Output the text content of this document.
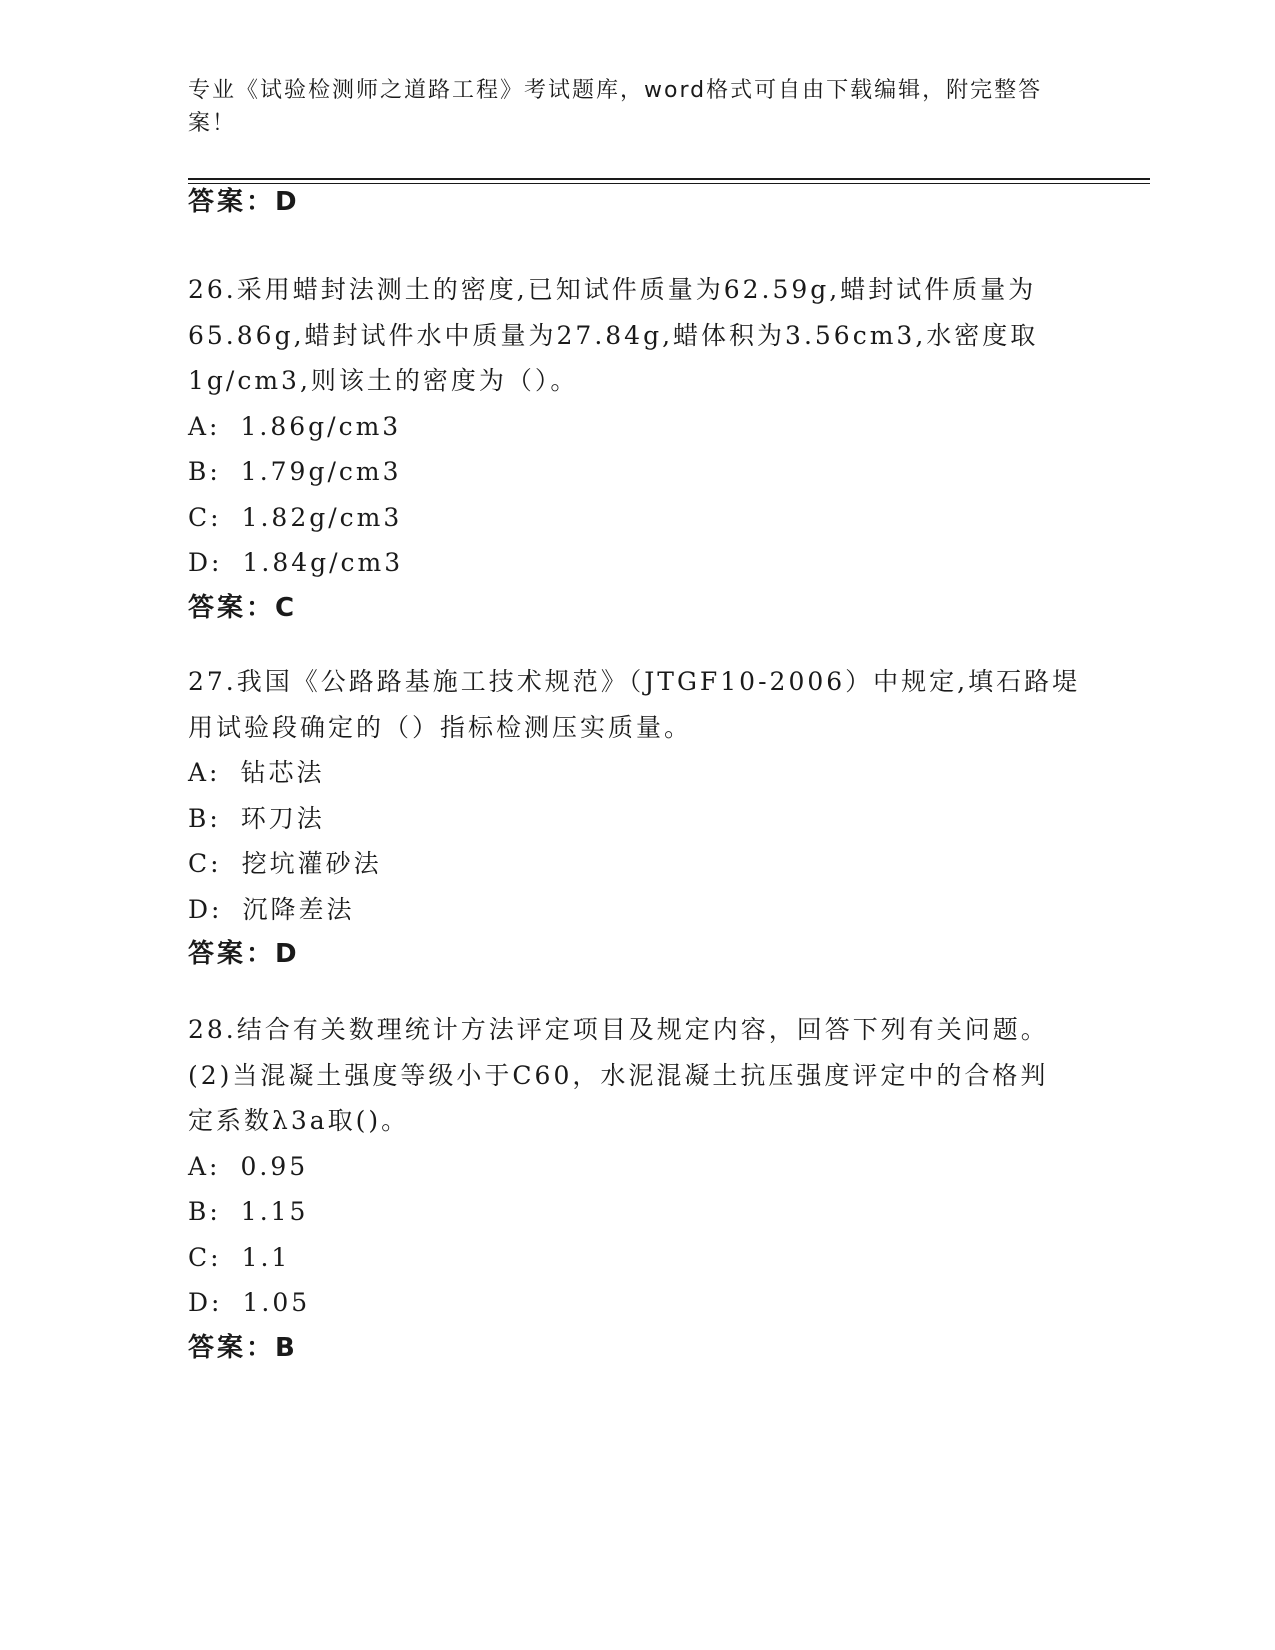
专业《试验检测师之道路工程》考试题库，word格式可自由下载编辑，附完整答案！
答案：D
26.采用蜡封法测土的密度,已知试件质量为62.59g,蜡封试件质量为
65.86g,蜡封试件水中质量为27.84g,蜡体积为3.56cm3,水密度取
1g/cm3,则该土的密度为（）。
A: 1.86g/cm3
B: 1.79g/cm3
C: 1.82g/cm3
D: 1.84g/cm3
答案：C
27.我国《公路路基施工技术规范》（JTGF10-2006）中规定,填石路堤
用试验段确定的（）指标检测压实质量。
A: 钻芯法
B: 环刀法
C: 挖坑灌砂法
D: 沉降差法
答案：D
28.结合有关数理统计方法评定项目及规定内容，回答下列有关问题。
(2)当混凝土强度等级小于C60，水泥混凝土抗压强度评定中的合格判
定系数λ3a取()。
A: 0.95
B: 1.15
C: 1.1
D: 1.05
答案：B
